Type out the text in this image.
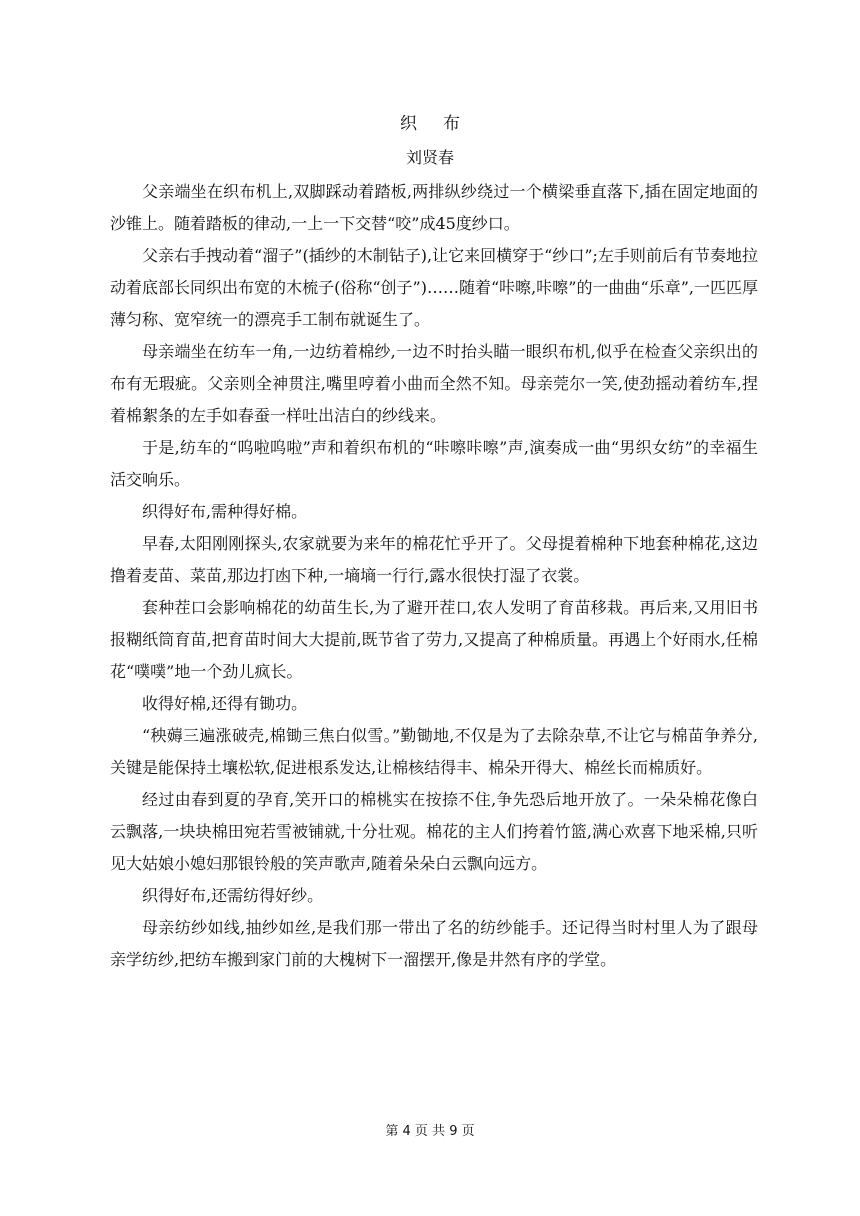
织布
刘贤春

父亲端坐在织布机上,双脚踩动着踏板,两排纵纱绕过一个横梁垂直落下,插在固定地面的沙锥上。随着踏板的律动,一上一下交替“咬”成45度纱口。

父亲右手拽动着“溜子”(插纱的木制钻子),让它来回横穿于“纱口”;左手则前后有节奏地拉动着底部长同织出布宽的木梳子(俗称“创子”)……随着“咔嚓,咔嚓”的一曲曲“乐章”,一匹匹厚薄匀称、宽窄统一的漂亮手工制布就诞生了。

母亲端坐在纺车一角,一边纺着棉纱,一边不时抬头瞄一眼织布机,似乎在检查父亲织出的布有无瑕疵。父亲则全神贯注,嘴里哼着小曲而全然不知。母亲莞尔一笑,使劲摇动着纺车,捏着棉絮条的左手如春蚕一样吐出洁白的纱线来。

于是,纺车的“呜啦呜啦”声和着织布机的“咔嚓咔嚓”声,演奏成一曲“男织女纺”的幸福生活交响乐。

织得好布,需种得好棉。

早春,太阳刚刚探头,农家就要为来年的棉花忙乎开了。父母提着棉种下地套种棉花,这边撸着麦苗、菜苗,那边打凼下种,一墒墒一行行,露水很快打湿了衣裳。

套种茬口会影响棉花的幼苗生长,为了避开茬口,农人发明了育苗移栽。再后来,又用旧书报糊纸筒育苗,把育苗时间大大提前,既节省了劳力,又提高了种棉质量。再遇上个好雨水,任棉花“噗噗”地一个劲儿疯长。

收得好棉,还得有锄功。

“秧薅三遍涨破壳,棉锄三焦白似雪。”勤锄地,不仅是为了去除杂草,不让它与棉苗争养分,关键是能保持土壤松软,促进根系发达,让棉核结得丰、棉朵开得大、棉丝长而棉质好。

经过由春到夏的孕育,笑开口的棉桃实在按捺不住,争先恐后地开放了。一朵朵棉花像白云飘落,一块块棉田宛若雪被铺就,十分壮观。棉花的主人们挎着竹篮,满心欢喜下地采棉,只听见大姑娘小媳妇那银铃般的笑声歌声,随着朵朵白云飘向远方。

织得好布,还需纺得好纱。

母亲纺纱如线,抽纱如丝,是我们那一带出了名的纺纱能手。还记得当时村里人为了跟母亲学纺纱,把纺车搬到家门前的大槐树下一溜摆开,像是井然有序的学堂。

第 4 页 共 9 页
